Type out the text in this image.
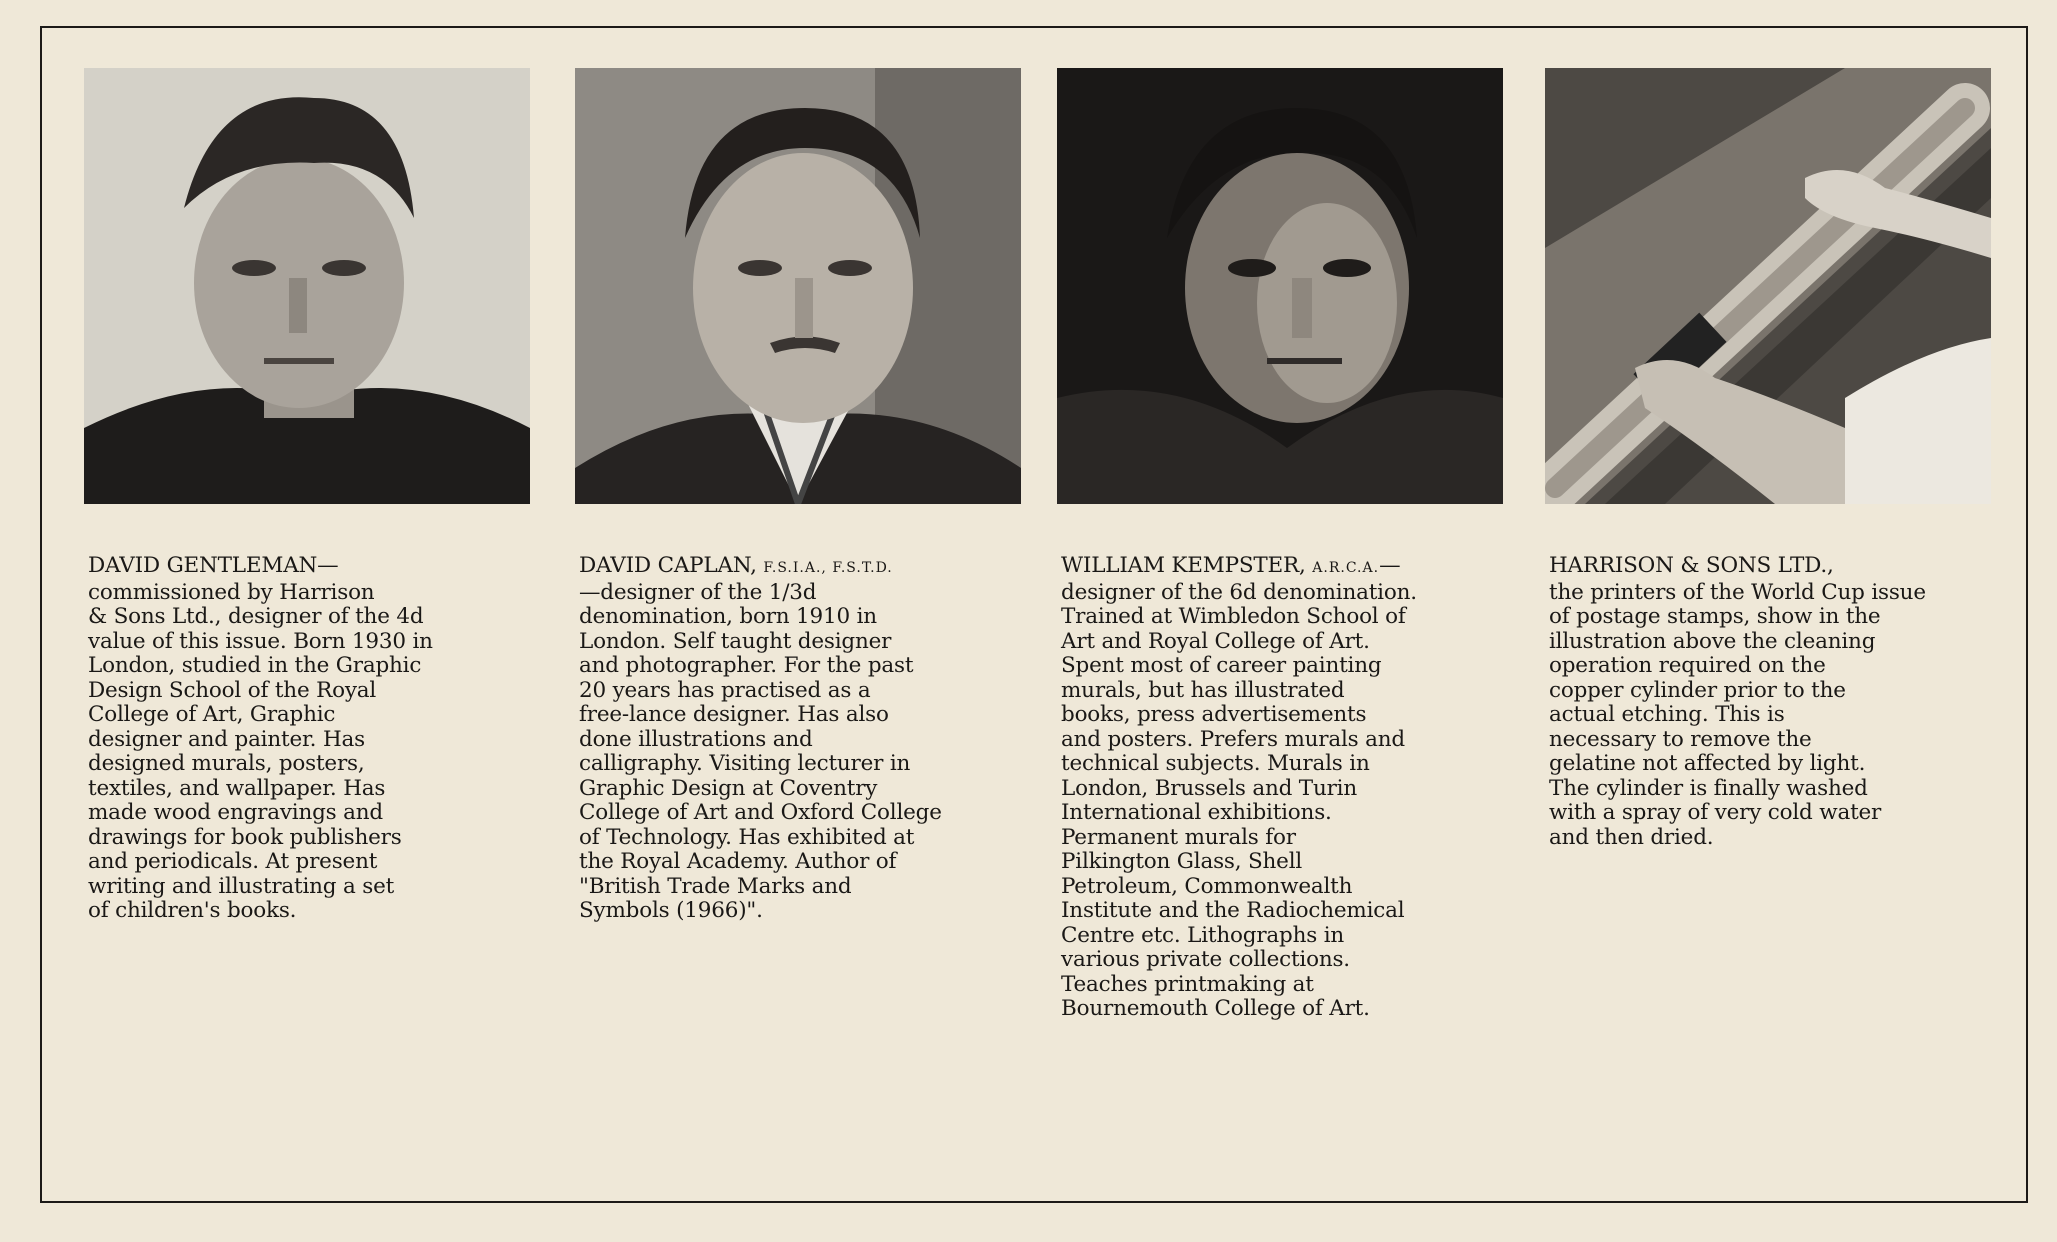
DAVID GENTLEMAN—
commissioned by Harrison
& Sons Ltd., designer of the 4d
value of this issue. Born 1930 in
London, studied in the Graphic
Design School of the Royal
College of Art, Graphic
designer and painter. Has
designed murals, posters,
textiles, and wallpaper. Has
made wood engravings and
drawings for book publishers
and periodicals. At present
writing and illustrating a set
of children's books.
DAVID CAPLAN, F.S.I.A., F.S.T.D.
—designer of the 1/3d
denomination, born 1910 in
London. Self taught designer
and photographer. For the past
20 years has practised as a
free-lance designer. Has also
done illustrations and
calligraphy. Visiting lecturer in
Graphic Design at Coventry
College of Art and Oxford College
of Technology. Has exhibited at
the Royal Academy. Author of
"British Trade Marks and
Symbols (1966)".
WILLIAM KEMPSTER, A.R.C.A.—
designer of the 6d denomination.
Trained at Wimbledon School of
Art and Royal College of Art.
Spent most of career painting
murals, but has illustrated
books, press advertisements
and posters. Prefers murals and
technical subjects. Murals in
London, Brussels and Turin
International exhibitions.
Permanent murals for
Pilkington Glass, Shell
Petroleum, Commonwealth
Institute and the Radiochemical
Centre etc. Lithographs in
various private collections.
Teaches printmaking at
Bournemouth College of Art.
HARRISON & SONS LTD.,
the printers of the World Cup issue
of postage stamps, show in the
illustration above the cleaning
operation required on the
copper cylinder prior to the
actual etching. This is
necessary to remove the
gelatine not affected by light.
The cylinder is finally washed
with a spray of very cold water
and then dried.
